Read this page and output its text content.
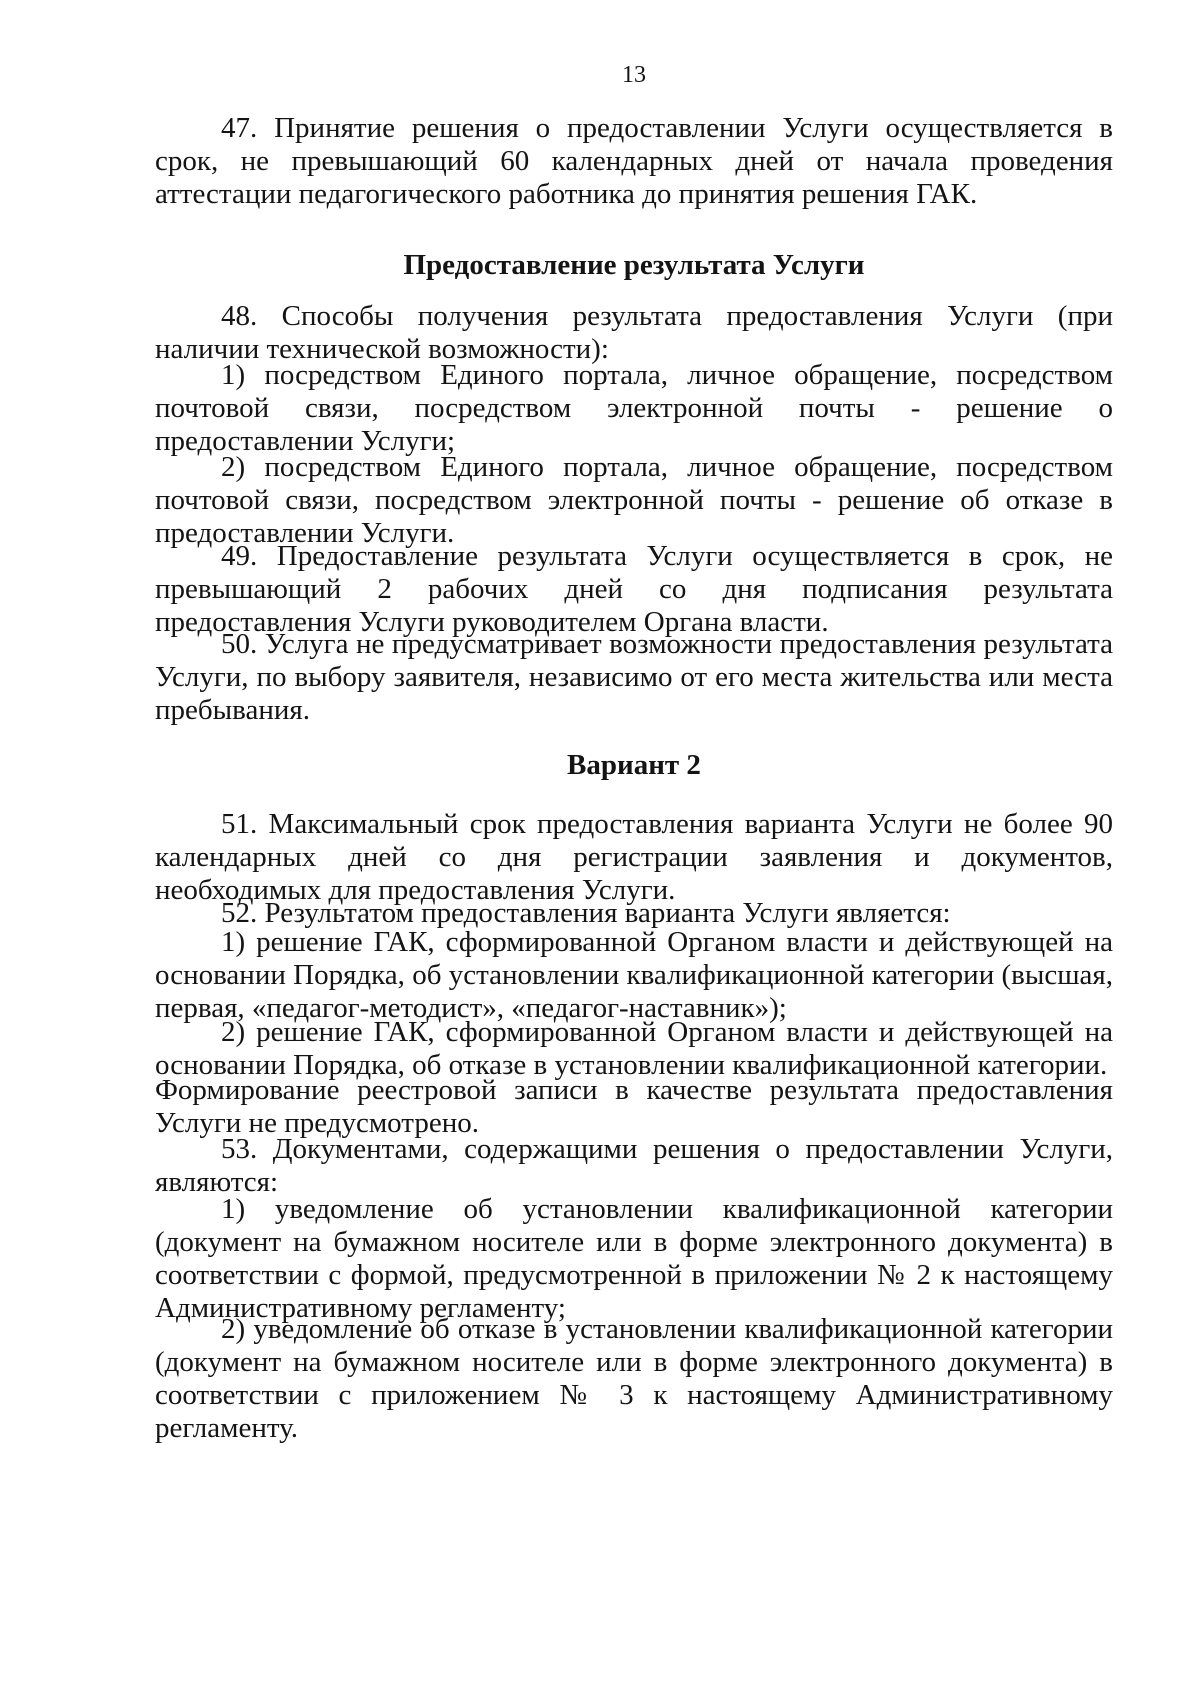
13
47. Принятие решения о предоставлении Услуги осуществляется в срок, не превышающий 60 календарных дней от начала проведения аттестации педагогического работника до принятия решения ГАК.
Предоставление результата Услуги
48. Способы получения результата предоставления Услуги (при наличии технической возможности):
1) посредством Единого портала, личное обращение, посредством почтовой связи, посредством электронной почты - решение о предоставлении Услуги;
2) посредством Единого портала, личное обращение, посредством почтовой связи, посредством электронной почты - решение об отказе в предоставлении Услуги.
49. Предоставление результата Услуги осуществляется в срок, не превышающий 2 рабочих дней со дня подписания результата предоставления Услуги руководителем Органа власти.
50. Услуга не предусматривает возможности предоставления результата Услуги, по выбору заявителя, независимо от его места жительства или места пребывания.
Вариант 2
51. Максимальный срок предоставления варианта Услуги не более 90 календарных дней со дня регистрации заявления и документов, необходимых для предоставления Услуги.
52. Результатом предоставления варианта Услуги является:
1) решение ГАК, сформированной Органом власти и действующей на основании Порядка, об установлении квалификационной категории (высшая, первая, «педагог-методист», «педагог-наставник»);
2) решение ГАК, сформированной Органом власти и действующей на основании Порядка, об отказе в установлении квалификационной категории.
Формирование реестровой записи в качестве результата предоставления Услуги не предусмотрено.
53. Документами, содержащими решения о предоставлении Услуги, являются:
1) уведомление об установлении квалификационной категории (документ на бумажном носителе или в форме электронного документа) в соответствии с формой, предусмотренной в приложении № 2 к настоящему Административному регламенту;
2) уведомление об отказе в установлении квалификационной категории (документ на бумажном носителе или в форме электронного документа) в соответствии с приложением № 3 к настоящему Административному регламенту.
